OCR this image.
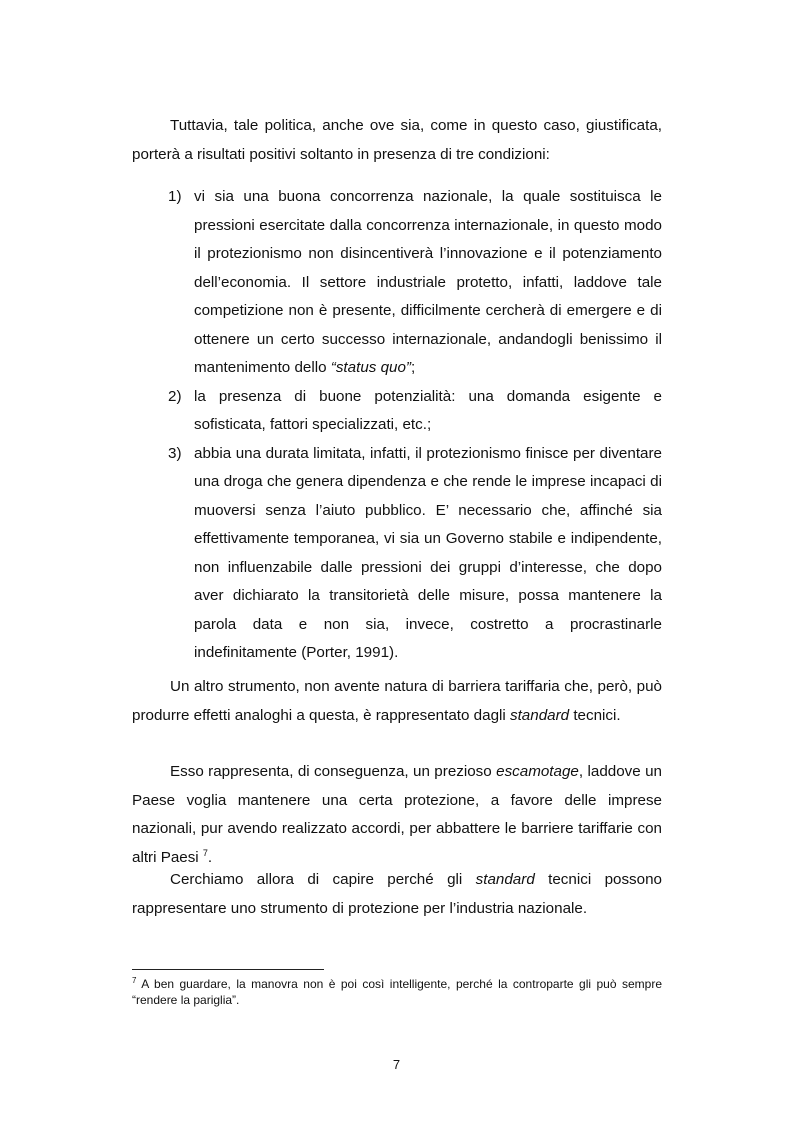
Tuttavia, tale politica, anche ove sia, come in questo caso, giustificata, porterà a risultati positivi soltanto in presenza di tre condizioni:

1) vi sia una buona concorrenza nazionale, la quale sostituisca le pressioni esercitate dalla concorrenza internazionale, in questo modo il protezionismo non disincentiverà l’innovazione e il potenziamento dell’economia. Il settore industriale protetto, infatti, laddove tale competizione non è presente, difficilmente cercherà di emergere e di ottenere un certo successo internazionale, andandogli benissimo il mantenimento dello “status quo”;
2) la presenza di buone potenzialità: una domanda esigente e sofisticata, fattori specializzati, etc.;
3) abbia una durata limitata, infatti, il protezionismo finisce per diventare una droga che genera dipendenza e che rende le imprese incapaci di muoversi senza l’aiuto pubblico. E’ necessario che, affinché sia effettivamente temporanea, vi sia un Governo stabile e indipendente, non influenzabile dalle pressioni dei gruppi d’interesse, che dopo aver dichiarato la transitorietà delle misure, possa mantenere la parola data e non sia, invece, costretto a procrastinarle indefinitamente (Porter, 1991).

Un altro strumento, non avente natura di barriera tariffaria che, però, può produrre effetti analoghi a questa, è rappresentato dagli standard tecnici.

Esso rappresenta, di conseguenza, un prezioso escamotage, laddove un Paese voglia mantenere una certa protezione, a favore delle imprese nazionali, pur avendo realizzato accordi, per abbattere le barriere tariffarie con altri Paesi $^7$.

Cerchiamo allora di capire perché gli standard tecnici possono rappresentare uno strumento di protezione per l’industria nazionale.

$^7$ A ben guardare, la manovra non è poi così intelligente, perché la controparte gli può sempre “rendere la pariglia”.

7
